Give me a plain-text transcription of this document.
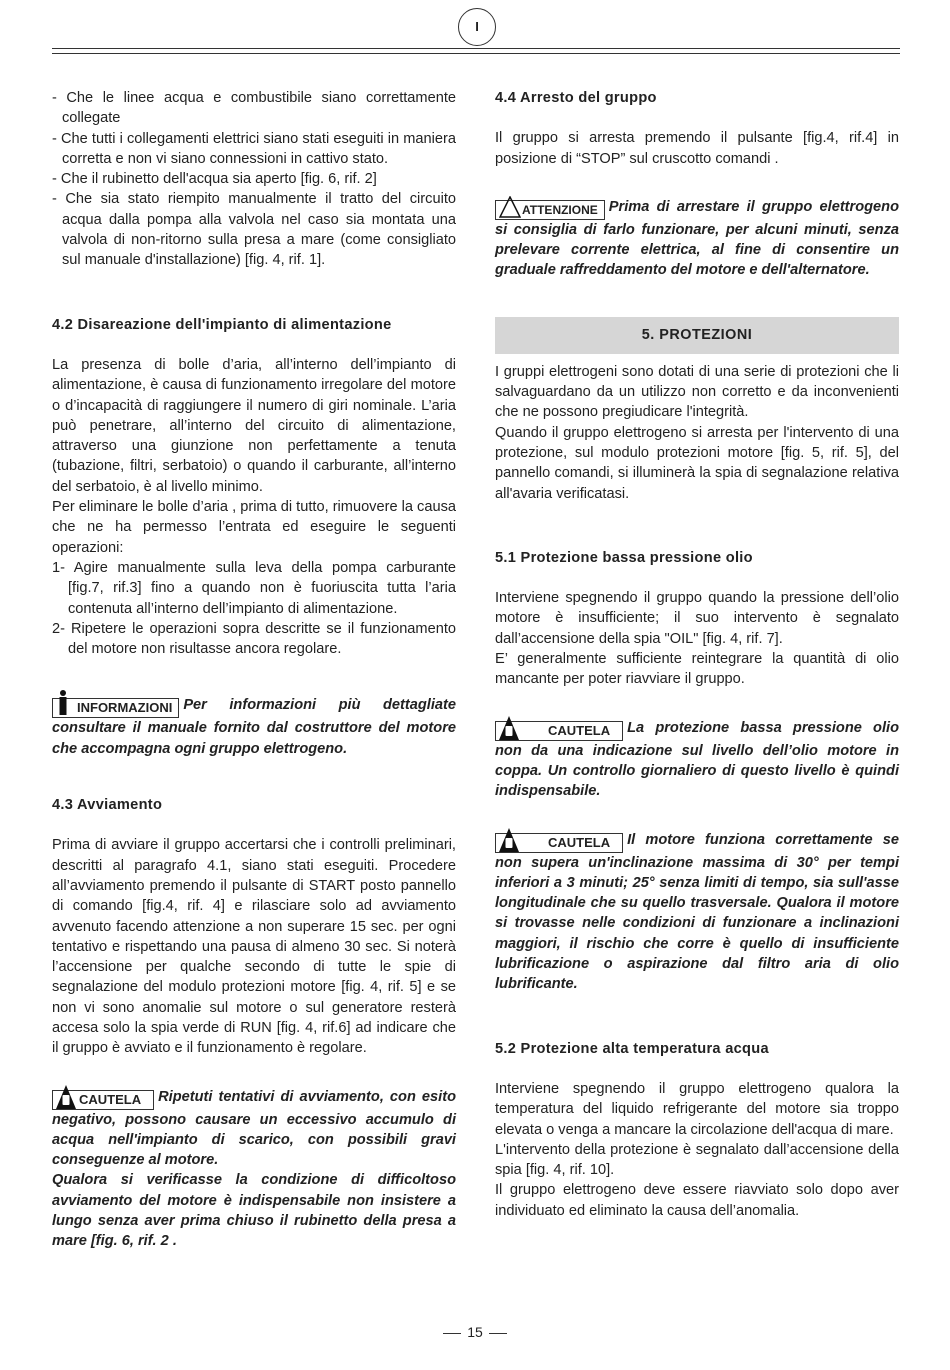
I
- Che le linee acqua e combustibile siano correttamente collegate
- Che tutti i collegamenti elettrici siano stati eseguiti in maniera corretta e non vi siano connessioni in cattivo stato.
- Che il rubinetto dell'acqua sia aperto [fig. 6, rif. 2]
- Che sia stato riempito manualmente il tratto del circuito acqua dalla pompa alla valvola nel caso sia montata una valvola di non-ritorno sulla presa a mare (come consigliato sul manuale d'installazione) [fig. 4, rif. 1].
4.2 Disareazione dell'impianto di alimentazione

La presenza di bolle d’aria, all’interno dell’impianto di alimentazione, è causa di funzionamento irregolare del motore o d’incapacità di raggiungere il numero di giri nominale. L’aria può penetrare, all’interno del circuito di alimentazione, attraverso una giunzione non perfettamente a tenuta (tubazione, filtri, serbatoio) o quando il carburante, all’interno del serbatoio, è al livello minimo.

Per eliminare le bolle d’aria , prima di tutto, rimuovere la causa che ne ha permesso l’entrata ed eseguire le seguenti operazioni:

1- Agire manualmente sulla leva della pompa carburante [fig.7, rif.3] fino a quando non è fuoriuscita tutta l’aria contenuta all’interno dell’impianto di alimentazione.
2- Ripetere le operazioni sopra descritte se il funzionamento del motore non risultasse ancora regolare.

INFORMAZIONI Per informazioni più dettagliate consultare il manuale fornito dal costruttore del motore che accompagna ogni gruppo elettrogeno.

4.3 Avviamento

Prima di avviare il gruppo accertarsi che i controlli preliminari, descritti al paragrafo 4.1, siano stati eseguiti. Procedere all’avviamento premendo il pulsante di START posto pannello di comando [fig.4, rif. 4] e rilasciare solo ad avviamento avvenuto facendo attenzione a non superare 15 sec. per ogni tentativo e rispettando una pausa di almeno 30 sec. Si noterà l’accensione per qualche secondo di tutte le spie di segnalazione del modulo protezioni motore [fig. 4, rif. 5] e se non vi sono anomalie sul motore o sul generatore resterà accesa solo la spia verde di RUN [fig. 4, rif.6] ad indicare che il gruppo è avviato e il funzionamento è regolare.

CAUTELA Ripetuti tentativi di avviamento, con esito negativo, possono causare un eccessivo accumulo di acqua nell'impianto di scarico, con possibili gravi conseguenze al motore.

Qualora si verificasse la condizione di difficoltoso avviamento del motore è indispensabile non insistere a lungo senza aver prima chiuso il rubinetto della presa a mare [fig. 6, rif. 2 .

4.4 Arresto del gruppo

Il gruppo si arresta premendo il pulsante [fig.4, rif.4] in posizione di “STOP” sul cruscotto comandi .

ATTENZIONE Prima di arrestare il gruppo elettrogeno si consiglia di farlo funzionare, per alcuni minuti, senza prelevare corrente elettrica, al fine di consentire un graduale raffreddamento del motore e dell'alternatore.

5. PROTEZIONI

I gruppi elettrogeni sono dotati di una serie di protezioni che li salvaguardano da un utilizzo non corretto e da inconvenienti che ne possono pregiudicare l'integrità.

Quando il gruppo elettrogeno si arresta per l'intervento di una protezione, sul modulo protezioni motore [fig. 5, rif. 5], del pannello comandi, si illuminerà la spia di segnalazione relativa all'avaria verificatasi.

5.1 Protezione bassa pressione olio

Interviene spegnendo il gruppo quando la pressione dell’olio motore è insufficiente; il suo intervento è segnalato dall’accensione della spia "OIL" [fig. 4, rif. 7].

E’ generalmente sufficiente reintegrare la quantità di olio mancante per poter riavviare il gruppo.

CAUTELA La protezione bassa pressione olio non da una indicazione sul livello dell’olio motore in coppa. Un controllo giornaliero di questo livello è quindi indispensabile.

CAUTELA Il motore funziona correttamente se non supera un'inclinazione massima di 30° per tempi inferiori a 3 minuti; 25° senza limiti di tempo, sia sull'asse longitudinale che su quello trasversale. Qualora il motore si trovasse nelle condizioni di funzionare a inclinazioni maggiori, il rischio che corre è quello di insufficiente lubrificazione o aspirazione dal filtro aria di olio lubrificante.

5.2 Protezione alta temperatura acqua

Interviene spegnendo il gruppo elettrogeno qualora la temperatura del liquido refrigerante del motore sia troppo elevata o venga a mancare la circolazione dell'acqua di mare.

L'intervento della protezione è segnalato dall’accensione della spia [fig. 4, rif. 10].

Il gruppo elettrogeno deve essere riavviato solo dopo aver individuato ed eliminato la causa dell’anomalia.

15
